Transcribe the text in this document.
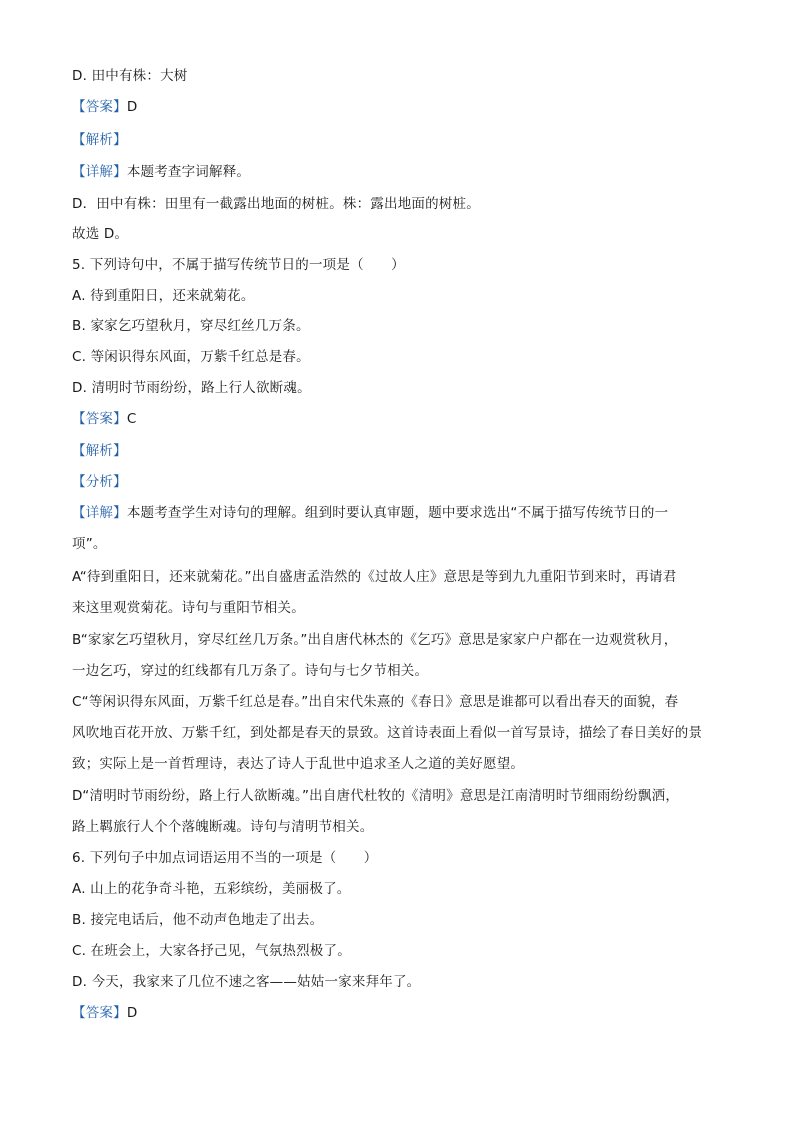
D. 田中有株：大树
【答案】D
【解析】
【详解】本题考查字词解释。
D．田中有株：田里有一截露出地面的树桩。株：露出地面的树桩。
故选 D。
5. 下列诗句中，不属于描写传统节日的一项是（　　）
A. 待到重阳日，还来就菊花。
B. 家家乞巧望秋月，穿尽红丝几万条。
C. 等闲识得东风面，万紫千红总是春。
D. 清明时节雨纷纷，路上行人欲断魂。
【答案】C
【解析】
【分析】
【详解】本题考查学生对诗句的理解。组到时要认真审题，题中要求选出“不属于描写传统节日的一
项”。
A“待到重阳日，还来就菊花。”出自盛唐孟浩然的《过故人庄》意思是等到九九重阳节到来时，再请君
来这里观赏菊花。诗句与重阳节相关。
B“家家乞巧望秋月，穿尽红丝几万条。”出自唐代林杰的《乞巧》意思是家家户户都在一边观赏秋月，
一边乞巧，穿过的红线都有几万条了。诗句与七夕节相关。
C“等闲识得东风面，万紫千红总是春。”出自宋代朱熹的《春日》意思是谁都可以看出春天的面貌，春
风吹地百花开放、万紫千红，到处都是春天的景致。这首诗表面上看似一首写景诗，描绘了春日美好的景
致；实际上是一首哲理诗，表达了诗人于乱世中追求圣人之道的美好愿望。
D“清明时节雨纷纷，路上行人欲断魂。”出自唐代杜牧的《清明》意思是江南清明时节细雨纷纷飘洒，
路上羁旅行人个个落魄断魂。诗句与清明节相关。
6. 下列句子中加点词语运用不当的一项是（　　）
A. 山上的花争奇斗艳，五彩缤纷，美丽极了。
B. 接完电话后，他不动声色地走了出去。
C. 在班会上，大家各抒己见，气氛热烈极了。
D. 今天，我家来了几位不速之客——姑姑一家来拜年了。
【答案】D
